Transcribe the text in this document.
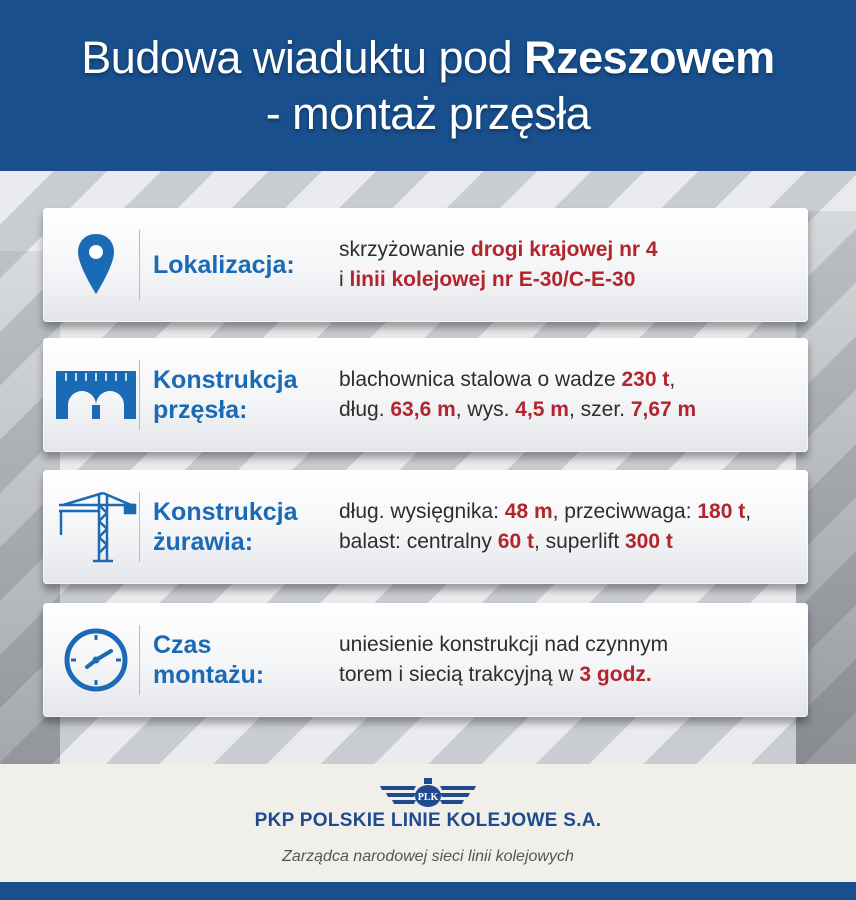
Budowa wiaduktu pod Rzeszowem
- montaż przęsła
Lokalizacja:
skrzyżowanie drogi krajowej nr 4
i linii kolejowej nr E-30/C-E-30
Konstrukcja
przęsła:
blachownica stalowa o wadze 230 t,
dług. 63,6 m, wys. 4,5 m, szer. 7,67 m
Konstrukcja
żurawia:
dług. wysięgnika: 48 m, przeciwwaga: 180 t,
balast: centralny 60 t, superlift 300 t
Czas
montażu:
uniesienie konstrukcji nad czynnym
torem i siecią trakcyjną w 3 godz.
PLK
PKP POLSKIE LINIE KOLEJOWE S.A.
Zarządca narodowej sieci linii kolejowych
